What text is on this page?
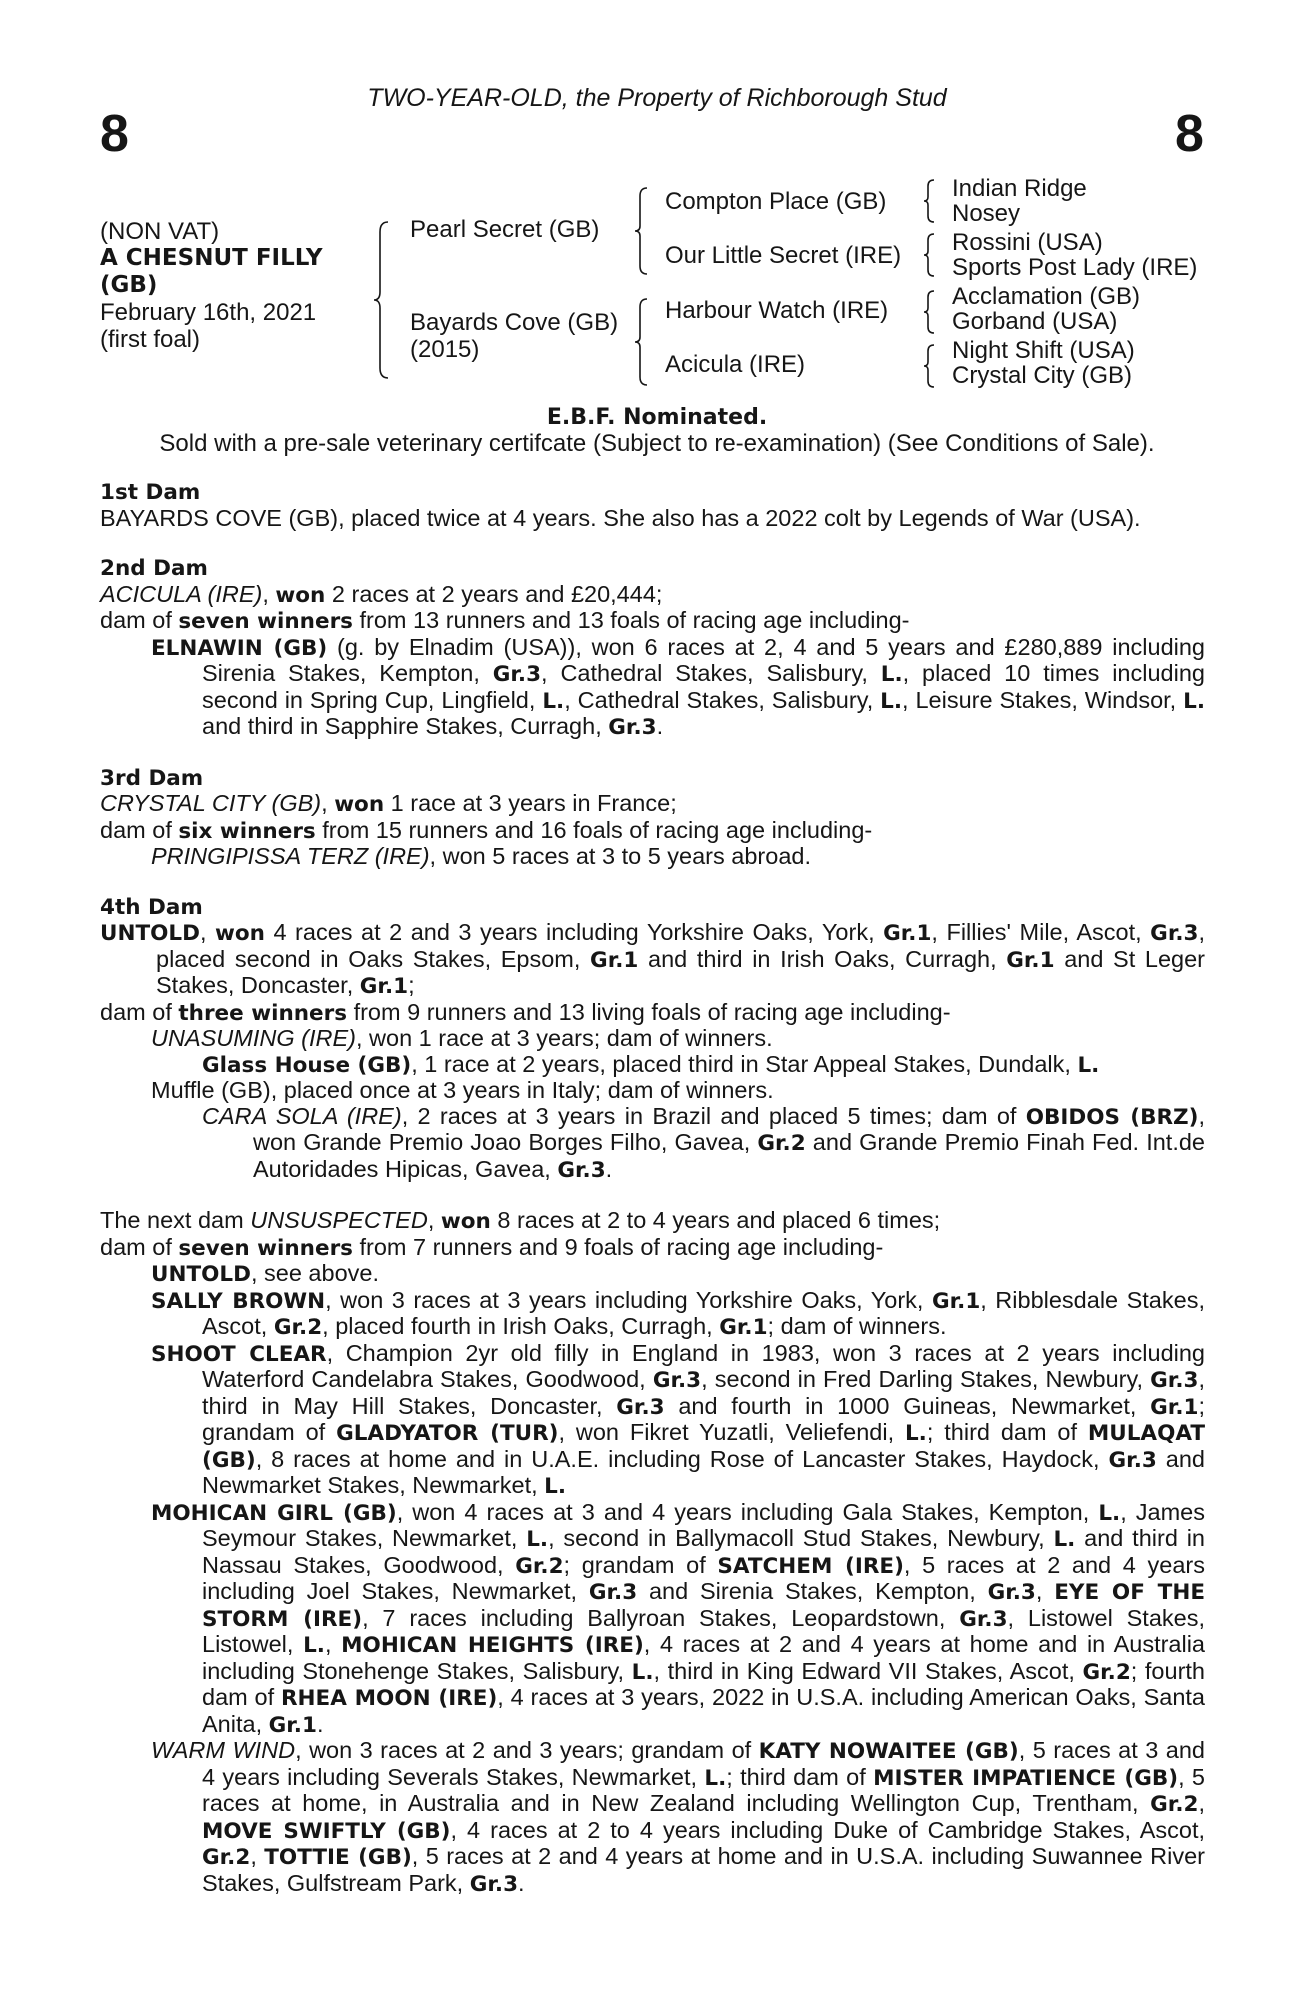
TWO-YEAR-OLD, the Property of Richborough Stud
8	8
(NON VAT)
A CHESNUT FILLY
(GB)
February 16th, 2021
(first foal)
Pearl Secret (GB)
Bayards Cove (GB)
(2015)
Compton Place (GB)
Our Little Secret (IRE)
Harbour Watch (IRE)
Acicula (IRE)
Indian Ridge
Nosey
Rossini (USA)
Sports Post Lady (IRE)
Acclamation (GB)
Gorband (USA)
Night Shift (USA)
Crystal City (GB)
E.B.F. Nominated.
Sold with a pre-sale veterinary certifcate (Subject to re-examination) (See Conditions of Sale).
1st Dam
BAYARDS COVE (GB), placed twice at 4 years. She also has a 2022 colt by Legends of War (USA).
2nd Dam
ACICULA (IRE), won 2 races at 2 years and £20,444;
dam of seven winners from 13 runners and 13 foals of racing age including-
ELNAWIN (GB) (g. by Elnadim (USA)), won 6 races at 2, 4 and 5 years and £280,889 including Sirenia Stakes, Kempton, Gr.3, Cathedral Stakes, Salisbury, L., placed 10 times including second in Spring Cup, Lingfield, L., Cathedral Stakes, Salisbury, L., Leisure Stakes, Windsor, L. and third in Sapphire Stakes, Curragh, Gr.3.
3rd Dam
CRYSTAL CITY (GB), won 1 race at 3 years in France;
dam of six winners from 15 runners and 16 foals of racing age including-
PRINGIPISSA TERZ (IRE), won 5 races at 3 to 5 years abroad.
4th Dam
UNTOLD, won 4 races at 2 and 3 years including Yorkshire Oaks, York, Gr.1, Fillies' Mile, Ascot, Gr.3, placed second in Oaks Stakes, Epsom, Gr.1 and third in Irish Oaks, Curragh, Gr.1 and St Leger Stakes, Doncaster, Gr.1;
dam of three winners from 9 runners and 13 living foals of racing age including-
UNASUMING (IRE), won 1 race at 3 years; dam of winners.
Glass House (GB), 1 race at 2 years, placed third in Star Appeal Stakes, Dundalk, L.
Muffle (GB), placed once at 3 years in Italy; dam of winners.
CARA SOLA (IRE), 2 races at 3 years in Brazil and placed 5 times; dam of OBIDOS (BRZ), won Grande Premio Joao Borges Filho, Gavea, Gr.2 and Grande Premio Finah Fed. Int.de Autoridades Hipicas, Gavea, Gr.3.
The next dam UNSUSPECTED, won 8 races at 2 to 4 years and placed 6 times;
dam of seven winners from 7 runners and 9 foals of racing age including-
UNTOLD, see above.
SALLY BROWN, won 3 races at 3 years including Yorkshire Oaks, York, Gr.1, Ribblesdale Stakes, Ascot, Gr.2, placed fourth in Irish Oaks, Curragh, Gr.1; dam of winners.
SHOOT CLEAR, Champion 2yr old filly in England in 1983, won 3 races at 2 years including Waterford Candelabra Stakes, Goodwood, Gr.3, second in Fred Darling Stakes, Newbury, Gr.3, third in May Hill Stakes, Doncaster, Gr.3 and fourth in 1000 Guineas, Newmarket, Gr.1; grandam of GLADYATOR (TUR), won Fikret Yuzatli, Veliefendi, L.; third dam of MULAQAT (GB), 8 races at home and in U.A.E. including Rose of Lancaster Stakes, Haydock, Gr.3 and Newmarket Stakes, Newmarket, L.
MOHICAN GIRL (GB), won 4 races at 3 and 4 years including Gala Stakes, Kempton, L., James Seymour Stakes, Newmarket, L., second in Ballymacoll Stud Stakes, Newbury, L. and third in Nassau Stakes, Goodwood, Gr.2; grandam of SATCHEM (IRE), 5 races at 2 and 4 years including Joel Stakes, Newmarket, Gr.3 and Sirenia Stakes, Kempton, Gr.3, EYE OF THE STORM (IRE), 7 races including Ballyroan Stakes, Leopardstown, Gr.3, Listowel Stakes, Listowel, L., MOHICAN HEIGHTS (IRE), 4 races at 2 and 4 years at home and in Australia including Stonehenge Stakes, Salisbury, L., third in King Edward VII Stakes, Ascot, Gr.2; fourth dam of RHEA MOON (IRE), 4 races at 3 years, 2022 in U.S.A. including American Oaks, Santa Anita, Gr.1.
WARM WIND, won 3 races at 2 and 3 years; grandam of KATY NOWAITEE (GB), 5 races at 3 and 4 years including Severals Stakes, Newmarket, L.; third dam of MISTER IMPATIENCE (GB), 5 races at home, in Australia and in New Zealand including Wellington Cup, Trentham, Gr.2, MOVE SWIFTLY (GB), 4 races at 2 to 4 years including Duke of Cambridge Stakes, Ascot, Gr.2, TOTTIE (GB), 5 races at 2 and 4 years at home and in U.S.A. including Suwannee River Stakes, Gulfstream Park, Gr.3.
